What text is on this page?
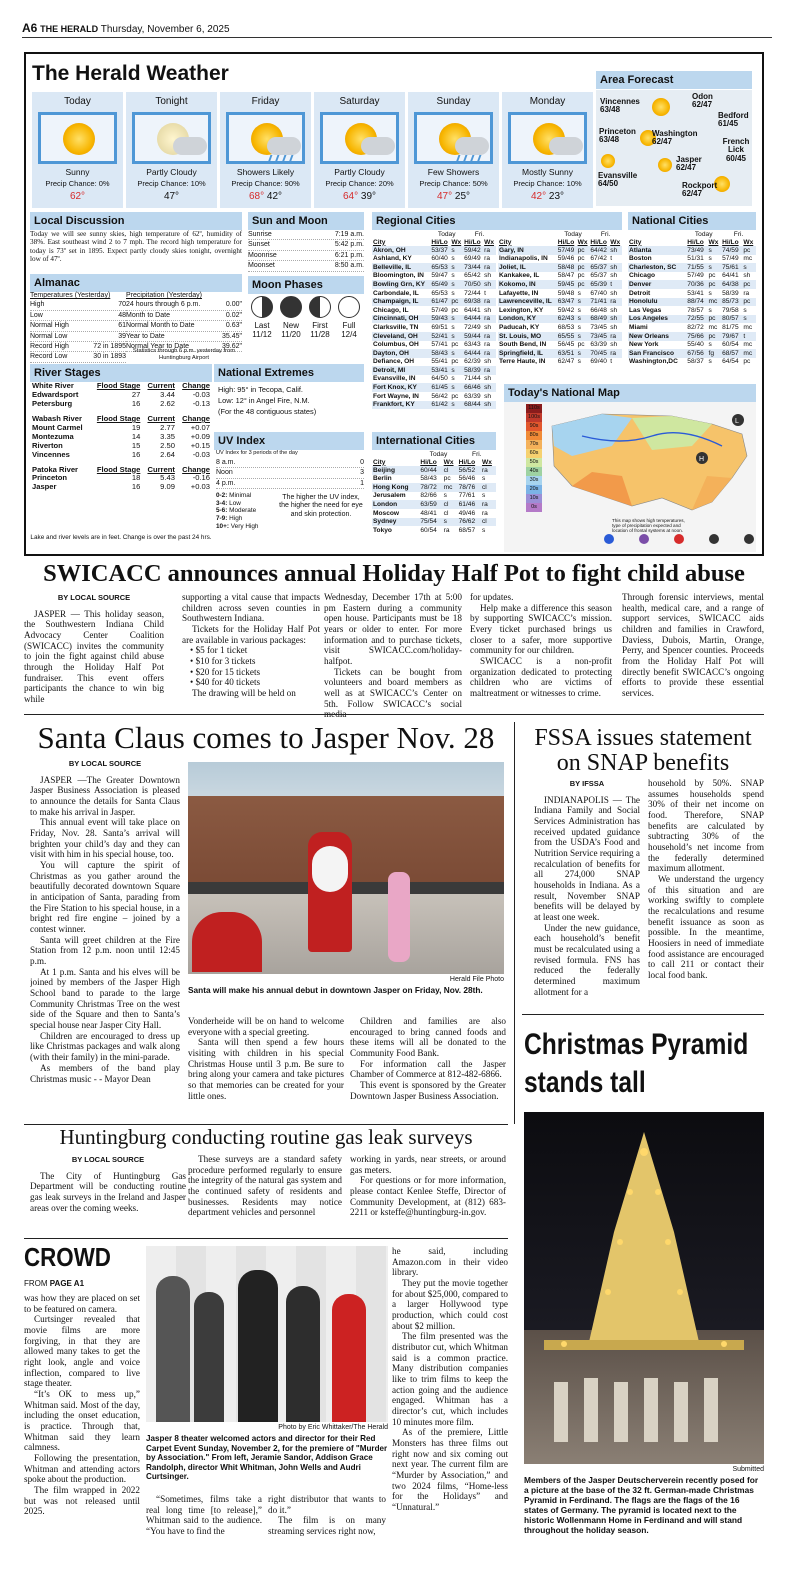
A6 THE HERALD Thursday, November 6, 2025
The Herald Weather
Today
Sunny
Precip Chance: 0%
62°
Tonight
Partly Cloudy
Precip Chance: 10%
47°
Friday
Showers Likely
Precip Chance: 90%
68° 42°
Saturday
Partly Cloudy
Precip Chance: 20%
64° 39°
Sunday
Few Showers
Precip Chance: 50%
47° 25°
Monday
Mostly Sunny
Precip Chance: 10%
42° 23°
Area Forecast
Vincennes
63/48
Odon
62/47
Bedford
61/45
Princeton
63/48
Washington
62/47	French Lick
60/45
Jasper
62/47
Evansville
64/50	Rockport
62/47
Local Discussion
Today we will see sunny skies, high temperature of 62º, humidity of 38%. East southeast wind 2 to 7 mph. The record high temperature for today is 73º set in 1895. Expect partly cloudy skies tonight, overnight low of 47º.
Almanac
Temperatures (Yesterday)
High	70
Low	48
Normal High	61
Normal Low	39
Record High	72 in 1895
Record Low	30 in 1893
Precipitation (Yesterday)
24 hours through 6 p.m.	0.00"
Month to Date	0.02"
Normal Month to Date	0.63"
Year to Date	35.45"
Normal Year to Date	39.62"
Statistics through 6 p.m. yesterday from Huntingburg Airport
Sun and Moon
Sunrise	7:19 a.m.
Sunset	5:42 p.m.
Moonrise	6:21 p.m.
Moonset	8:50 a.m.
Moon Phases
Last
11/12
New
11/20
First
11/28
Full
12/4
Regional Cities
	Today		Fri.	
City	Hi/Lo	Wx	Hi/Lo	Wx
Akron, OH	53/37	s	59/42	ra
Ashland, KY	60/40	s	69/49	ra
Belleville, IL	65/53	s	73/44	ra
Bloomington, IN	59/47	s	65/42	sh
Bowling Grn, KY	65/49	s	70/50	sh
Carbondale, IL	65/53	s	72/44	t
Champaign, IL	61/47	pc	69/38	ra
Chicago, IL	57/49	pc	64/41	sh
Cincinnati, OH	59/43	s	64/44	ra
Clarksville, TN	69/51	s	72/49	sh
Cleveland, OH	52/41	s	59/44	ra
Columbus, OH	57/41	pc	63/43	ra
Dayton, OH	58/43	s	64/44	ra
Defiance, OH	55/41	pc	62/39	sh
Detroit, MI	53/41	s	58/39	ra
Evansville, IN	64/50	s	71/44	sh
Fort Knox, KY	61/45	s	66/46	sh
Fort Wayne, IN	56/42	pc	63/39	sh
Frankfort, KY	61/42	s	68/44	sh
	Today		Fri.	
City	Hi/Lo	Wx	Hi/Lo	Wx
Gary, IN	57/49	pc	64/42	sh
Indianapolis, IN	59/46	pc	67/42	t
Joliet, IL	58/48	pc	65/37	sh
Kankakee, IL	58/47	pc	65/37	sh
Kokomo, IN	59/45	pc	65/39	t
Lafayette, IN	59/48	s	67/40	sh
Lawrenceville, IL	63/47	s	71/41	ra
Lexington, KY	59/42	s	66/48	sh
London, KY	62/43	s	68/49	sh
Paducah, KY	68/53	s	73/45	sh
St. Louis, MO	65/55	s	73/45	ra
South Bend, IN	56/45	pc	63/39	sh
Springfield, IL	63/51	s	70/45	ra
Terre Haute, IN	62/47	s	69/40	t
National Cities
	Today		Fri.	
City	Hi/Lo	Wx	Hi/Lo	Wx
Atlanta	73/49	s	74/59	pc
Boston	51/31	s	57/49	mc
Charleston, SC	71/55	s	75/61	s
Chicago	57/49	pc	64/41	sh
Denver	70/36	pc	64/38	pc
Detroit	53/41	s	58/39	ra
Honolulu	88/74	mc	85/73	pc
Las Vegas	78/57	s	79/58	s
Los Angeles	72/55	pc	80/57	s
Miami	82/72	mc	81/75	mc
New Orleans	75/66	pc	79/67	t
New York	55/40	s	60/54	mc
San Francisco	67/56	fg	68/57	mc
Washington,DC	58/37	s	64/54	pc
Today's National Map
110s
100s
90s
80s
70s
60s
50s
40s
30s
20s
10s
0s
H
L
This map shows high temperatures, type of precipitation expected and location of frontal systems at noon.
International Cities
	Today		Fri.	
City	Hi/Lo	Wx	Hi/Lo	Wx
Beijing	60/44	cl	56/52	ra
Berlin	58/43	pc	56/46	s
Hong Kong	78/72	mc	78/76	cl
Jerusalem	82/66	s	77/61	s
London	63/59	cl	61/46	ra
Moscow	48/41	cl	49/46	ra
Sydney	75/54	s	76/62	cl
Tokyo	60/54	ra	68/57	s
River Stages
White River	Flood Stage	Current	Change
Edwardsport	27	3.44	-0.03
Petersburg	16	2.62	-0.13
Wabash River	Flood Stage	Current	Change
Mount Carmel	19	2.77	+0.07
Montezuma	14	3.35	+0.09
Riverton	15	2.50	+0.15
Vincennes	16	2.64	-0.03
Patoka River	Flood Stage	Current	Change
Princeton	18	5.43	-0.16
Jasper	16	9.09	+0.03
Lake and river levels are in feet. Change is over the past 24 hrs.
National Extremes
High: 95° in Tecopa, Calif.
Low: 12° in Angel Fire, N.M.
(For the 48 contiguous states)
UV Index
UV Index for 3 periods of the day
8 a.m.	0
Noon	3
4 p.m.	1
0-2: Minimal
3-4: Low
5-6: Moderate
7-9: High
10+: Very High
The higher the UV index, the higher the need for eye and skin protection.
SWICACC announces annual Holiday Half Pot to fight child abuse

BY LOCAL SOURCE

JASPER — This holiday season, the Southwestern Indiana Child Advocacy Center Coalition (SWICACC) invites the community to join the fight against child abuse through the Holiday Half Pot fundraiser. This event offers participants the chance to win big while

supporting a vital cause that impacts children across seven counties in Southwestern Indiana.

Tickets for the Holiday Half Pot are available in various packages:

• $5 for 1 ticket
• $10 for 3 tickets
• $20 for 15 tickets
• $40 for 40 tickets

The drawing will be held on

Wednesday, December 17th at 5:00 pm Eastern during a community open house. Participants must be 18 years or older to enter. For more information and to purchase tickets, visit SWICACC.com/holiday-halfpot.

Tickets can be bought from volunteers and board members as well as at SWICACC’s Center on 5th. Follow SWICACC’s social

for updates.

Help make a difference this season by supporting SWICACC’s mission. Every ticket purchased brings us closer to a safer, more supportive community for our children.

SWICACC is a non-profit organization dedicated to protecting children who are victims of maltreatment or witnesses to crime.

Through forensic interviews, mental health, medical care, and a range of support services, SWICACC aids children and families in Crawford, Daviess, Dubois, Martin, Orange, Perry, and Spencer counties. Proceeds from the Holiday Half Pot will directly benefit SWICACC’s ongoing efforts to provide these essential services.

Santa Claus comes to Jasper Nov. 28

BY LOCAL SOURCE

JASPER —The Greater Downtown Jasper Business Association is pleased to announce the details for Santa Claus to make his arrival in Jasper.

This annual event will take place on Friday, Nov. 28. Santa’s arrival will brighten your child’s day and they can visit with him in his special house, too.

You will capture the spirit of Christmas as you gather around the beautifully decorated downtown Square in anticipation of Santa, parading from the Fire Station to his special house, in a bright red fire engine – joined by a contest winner.

Santa will greet children at the Fire Station from 12 p.m. noon until 12:45 p.m.

At 1 p.m. Santa and his elves will be joined by members of the Jasper High School band to parade to the large Community Christmas Tree on the west side of the Square and then to Santa’s special house near Jasper City Hall.

Children are encouraged to dress up like Christmas packages and walk along (with their family) in the mini-parade.

As members of the band play Christmas music - - Mayor Dean

Herald File Photo
Santa will make his annual debut in downtown Jasper on Friday, Nov. 28th.

Vonderheide will be on hand to welcome everyone with a special greeting.

Santa will then spend a few hours visiting with children in his special Christmas House until 3 p.m. Be sure to bring along your camera and take pictures so that memories can be created for your little ones.

Children and families are also encouraged to bring canned foods and these items will all be donated to the Community Food Bank.

For information call the Jasper Chamber of Commerce at 812-482-6866.

This event is sponsored by the Greater Downtown Jasper Business Association.

FSSA issues statement on SNAP benefits

BY IFSSA

INDIANAPOLIS — The Indiana Family and Social Services Administration has received updated guidance from the USDA’s Food and Nutrition Service requiring a recalculation of benefits for all 274,000 SNAP households in Indiana. As a result, November SNAP benefits will be delayed by at least one week.

Under the new guidance, each household’s benefit must be recalculated using a revised formula. FNS has reduced the federally determined maximum allotment for a

household by 50%. SNAP assumes households spend 30% of their net income on food. Therefore, SNAP benefits are calculated by subtracting 30% of the household’s net income from the federally determined maximum allotment.

We understand the urgency of this situation and are working swiftly to complete the recalculations and resume benefit issuance as soon as possible. In the meantime, Hoosiers in need of immediate food assistance are encouraged to call 211 or contact their local food bank.

Christmas Pyramid stands tall
Submitted
Members of the Jasper Deutscherverein recently posed for a picture at the base of the 32 ft. German-made Christmas Pyramid in Ferdinand. The flags are the flags of the 16 states of Germany. The pyramid is located next to the historic Wollenmann Home in Ferdinand and will stand throughout the holiday season.
Huntingburg conducting routine gas leak surveys

BY LOCAL SOURCE

The City of Huntingburg Gas Department will be conducting routine gas leak surveys in the Ireland and Jasper areas over the coming weeks.

These surveys are a standard safety procedure performed regularly to ensure the integrity of the natural gas system and the continued safety of residents and businesses. Residents may notice department vehicles and personnel

working in yards, near streets, or around gas meters.

For questions or for more information, please contact Kenlee Steffe, Director of Community Development, at (812) 683-2211 or ksteffe@huntingburg-in.gov.

CROWD
FROM PAGE A1

was how they are placed on set to be featured on camera.

Curtsinger revealed that movie films are more forgiving, in that they are allowed many takes to get the right look, angle and voice inflection, compared to live stage theater.

“It’s OK to mess up,” Whitman said. Most of the day, including the onset education, is practice. Through that, Whitman said they learn calmness.

Following the presentation, Whitman and attending actors spoke about the production.

The film wrapped in 2022 but was not released until 2025.

Photo by Eric Whittaker/The Herald
Jasper 8 theater welcomed actors and director for their Red Carpet Event Sunday, November 2, for the premiere of "Murder by Association." From left, Jeramie Sandor, Addison Grace Randolph, director Whit Whitman, John Wells and Audri Curtsinger.

“Sometimes, films take a real long time [to release],” Whitman said to the audience. “You have to find the

right distributor that wants to do it.”

The film is on many streaming services right now,

he said, including Amazon.com in their video library.

They put the movie together for about $25,000, compared to a larger Hollywood type production, which could cost about $2 million.

The film presented was the distributor cut, which Whitman said is a common practice. Many distribution companies like to trim films to keep the action going and the audience engaged. Whitman has a director’s cut, which includes 10 minutes more film.

As of the premiere, Little Monsters has three films out right now and six coming out next year. The current film are “Murder by Association,” and two 2024 films, “Home-less for the Holidays” and “Unnatural.”
